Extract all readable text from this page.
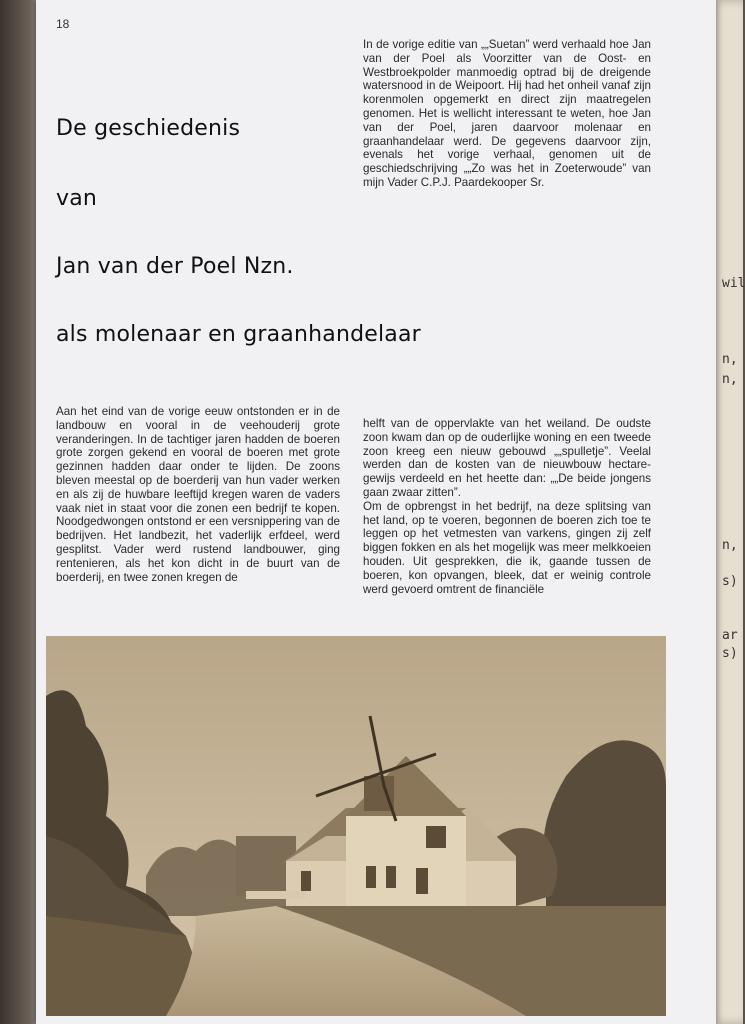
wil
n,
n,
n,
s)
ar
s)
18
De geschiedenis
van
Jan van der Poel Nzn.
als molenaar en graanhandelaar

In de vorige editie van „„Suetan” werd verhaald hoe Jan van der Poel als Voorzitter van de Oost- en Westbroekpolder manmoedig optrad bij de dreigende watersnood in de Weipoort. Hij had het onheil vanaf zijn korenmolen opgemerkt en direct zijn maatregelen genomen. Het is wellicht interessant te weten, hoe Jan van der Poel, jaren daarvoor molenaar en graanhandelaar werd. De gegevens daarvoor zijn, evenals het vorige verhaal, genomen uit de geschiedschrijving „„Zo was het in Zoeterwoude” van mijn Vader C.P.J. Paardekooper Sr.

Aan het eind van de vorige eeuw ontstonden er in de landbouw en vooral in de veehouderij grote veranderingen. In de tachtiger jaren hadden de boeren grote zorgen gekend en vooral de boeren met grote gezinnen hadden daar onder te lijden. De zoons bleven meestal op de boerderij van hun vader werken en als zij de huwbare leeftijd kregen waren de vaders vaak niet in staat voor die zonen een bedrijf te kopen. Noodgedwongen ontstond er een versnippering van de bedrijven. Het landbezit, het vaderlijk erfdeel, werd gesplitst. Vader werd rustend landbouwer, ging rentenieren, als het kon dicht in de buurt van de boerderij, en twee zonen kregen de

helft van de oppervlakte van het weiland. De oudste zoon kwam dan op de ouderlijke woning en een tweede zoon kreeg een nieuw gebouwd „„spulletje”. Veelal werden dan de kosten van de nieuwbouw hectare-gewijs verdeeld en het heette dan: „„De beide jongens gaan zwaar zitten”.

Om de opbrengst in het bedrijf, na deze splitsing van het land, op te voeren, begonnen de boeren zich toe te leggen op het vetmesten van varkens, gingen zij zelf biggen fokken en als het mogelijk was meer melkkoeien houden. Uit gesprekken, die ik, gaande tussen de boeren, kon opvangen, bleek, dat er weinig controle werd gevoerd omtrent de financiële
